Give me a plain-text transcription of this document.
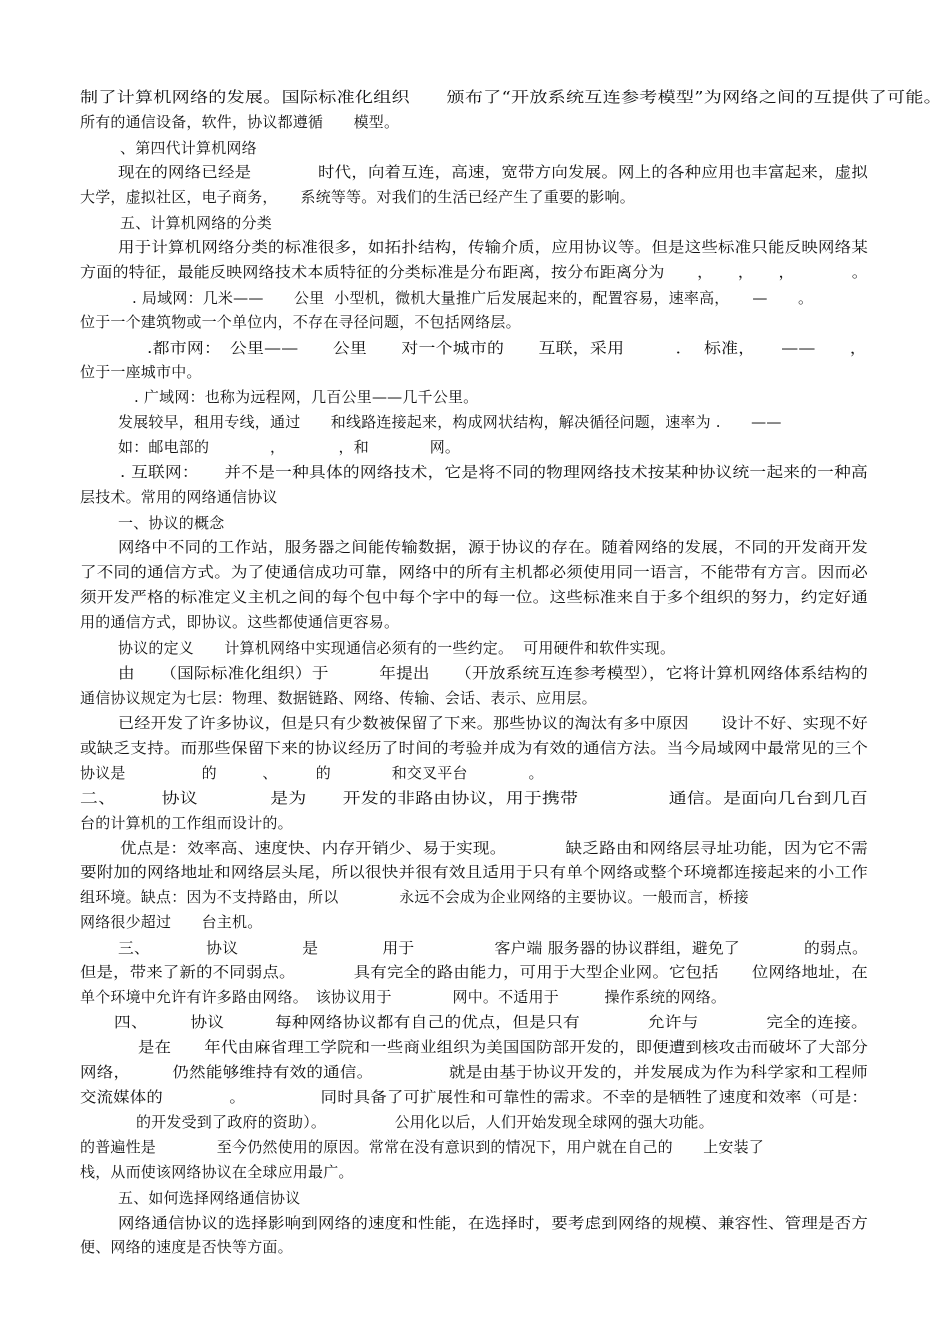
制了计算机网络的发展。国际标准化组织　　颁布了“开放系统互连参考模型”为网络之间的互提供了可能。
所有的通信设备，软件，协议都遵循　　模型。
、第四代计算机网络
现在的网络已经是　　　　时代，向着互连，高速，宽带方向发展。网上的各种应用也丰富起来，虚拟
大学，虚拟社区，电子商务，　　系统等等。对我们的生活已经产生了重要的影响。
五、计算机网络的分类
用于计算机网络分类的标准很多，如拓扑结构，传输介质，应用协议等。但是这些标准只能反映网络某
方面的特征，最能反映网络技术本质特征的分类标准是分布距离，按分布距离分为　　，　　，　　，　　　　。
. 局域网：几米——　　公里  小型机，微机大量推广后发展起来的，配置容易，速率高，　　—　　。
位于一个建筑物或一个单位内，不存在寻径问题，不包括网络层。
.都市网：　公里——　　公里　　对一个城市的　　互联，采用　　　．  标准，　　——　　，
位于一座城市中。
. 广域网：也称为远程网，几百公里——几千公里。
发展较早，租用专线，通过　　和线路连接起来，构成网状结构，解决循径问题，速率为 .　　——
如：邮电部的　　　　，　　　　，和　　　　网。
. 互联网：　　并不是一种具体的网络技术，它是将不同的物理网络技术按某种协议统一起来的一种高
层技术。常用的网络通信协议
一、协议的概念
网络中不同的工作站，服务器之间能传输数据，源于协议的存在。随着网络的发展，不同的开发商开发
了不同的通信方式。为了使通信成功可靠，网络中的所有主机都必须使用同一语言，不能带有方言。因而必
须开发严格的标准定义主机之间的每个包中每个字中的每一位。这些标准来自于多个组织的努力，约定好通
用的通信方式，即协议。这些都使通信更容易。
协议的定义　　计算机网络中实现通信必须有的一些约定。  可用硬件和软件实现。
由　　（国际标准化组织）于　　　年提出　　（开放系统互连参考模型），它将计算机网络体系结构的
通信协议规定为七层：物理、数据链路、网络、传输、会话、表示、应用层。
已经开发了许多协议，但是只有少数被保留了下来。那些协议的淘汰有多中原因　　设计不好、实现不好
或缺乏支持。而那些保留下来的协议经历了时间的考验并成为有效的通信方法。当今局域网中最常见的三个
协议是　　　　　的　　　、　　　的　　　　和交叉平台　　　　。
二、　　　协议　　　　是为　　开发的非路由协议，用于携带　　　　　通信。是面向几台到几百
台的计算机的工作组而设计的。
优点是：效率高、速度快、内存开销少、易于实现。　　　　缺乏路由和网络层寻址功能，因为它不需
要附加的网络地址和网络层头尾，所以很快并很有效且适用于只有单个网络或整个环境都连接起来的小工作
组环境。缺点：因为不支持路由，所以　　　　永远不会成为企业网络的主要协议。一般而言，桥接
网络很少超过　　台主机。
三、　　　　协议　　　　是　　　　用于　　　　　客户端 服务器的协议群组，避免了　　　　的弱点。
但是，带来了新的不同弱点。　　　　具有完全的路由能力，可用于大型企业网。它包括　　位网络地址，在
单个环境中允许有许多路由网络。　该协议用于　　　　网中。不适用于　　　操作系统的网络。
四、　　　协议　　　每种网络协议都有自己的优点，但是只有　　　　允许与　　　　完全的连接。
是在　　年代由麻省理工学院和一些商业组织为美国国防部开发的，即便遭到核攻击而破坏了大部分
网络，　　　仍然能够维持有效的通信。　　　　　就是由基于协议开发的，并发展成为作为科学家和工程师
交流媒体的　　　　。　　　　　同时具备了可扩展性和可靠性的需求。不幸的是牺牲了速度和效率（可是：
的开发受到了政府的资助）。　　　　　公用化以后，人们开始发现全球网的强大功能。
的普遍性是　　　　至今仍然使用的原因。常常在没有意识到的情况下，用户就在自己的　　上安装了
栈，从而使该网络协议在全球应用最广。
五、如何选择网络通信协议
网络通信协议的选择影响到网络的速度和性能，在选择时，要考虑到网络的规模、兼容性、管理是否方
便、网络的速度是否快等方面。
